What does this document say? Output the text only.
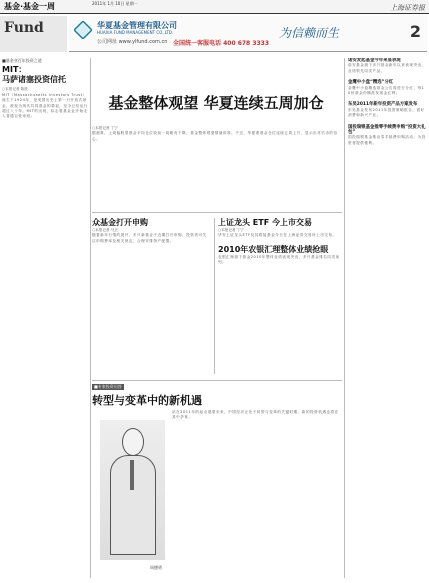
基金·基金一周	2011年 1月 10日 星期一
上海证券报
Fund	华夏基金管理有限公司
HUAXIA FUND MANAGEMENT CO.,LTD.
公司网址 www.ylfund.com.cn 全国统一客服电话 400 678 3333
为信赖而生	2
■基金业百年投资之道
MIT：
马萨诸塞投资信托
○本报记者 陈波
MIT（Massachusetts Investors Trust）诞生于1924年，是美国历史上第一只开放式基金，被视为现代共同基金的鼻祖，至今已经运行超过八十年。MIT的出现，标志着基金业开始走入普通百姓家庭。
基金整体观望 华夏连续五周加仓
○本报记者 丁宁
据测算，上周偏股型基金平均仓位较前一周略有下降，基金整体观望情绪浓厚。不过，华夏系基金仓位连续五周上升，显示出对后市的信心。
众基金打开申购
○本报记者 马正
随着新年行情的展开，多只新基金于近期打开申购，投资者可关注申购费率及相关规定，合理安排资产配置。
上证龙头 ETF 今上市交易
○本报记者 丁宁
华安上证龙头ETF及其联接基金今日在上海证券交易所上市交易。
2010年农银汇理整体业绩抢眼
农银汇理旗下基金2010年整体业绩表现突出，多只基金排名同类前列。
诺安发起基金今年来显表现
诺安基金旗下多只基金新年以来表现突出，业绩领先同类产品。
金鹰中小盘“精选”分红
金鹰中小盘精选基金公告将进行分红，每10份基金份额派发现金红利。
东吴2011年新年投资产品方案发布
东吴基金发布2011年投资策略报告，看好消费和新兴产业。
国投瑞银基金推零手续费申购“投资大礼包”
国投瑞银基金推出零手续费申购活动，为投资者提供便利。
■专家投资问答
转型与变革中的新机遇
周德勇
站在2011年的起点展望未来，中国经济正处于转型与变革的关键时期，新的投资机遇也将在其中孕育。
